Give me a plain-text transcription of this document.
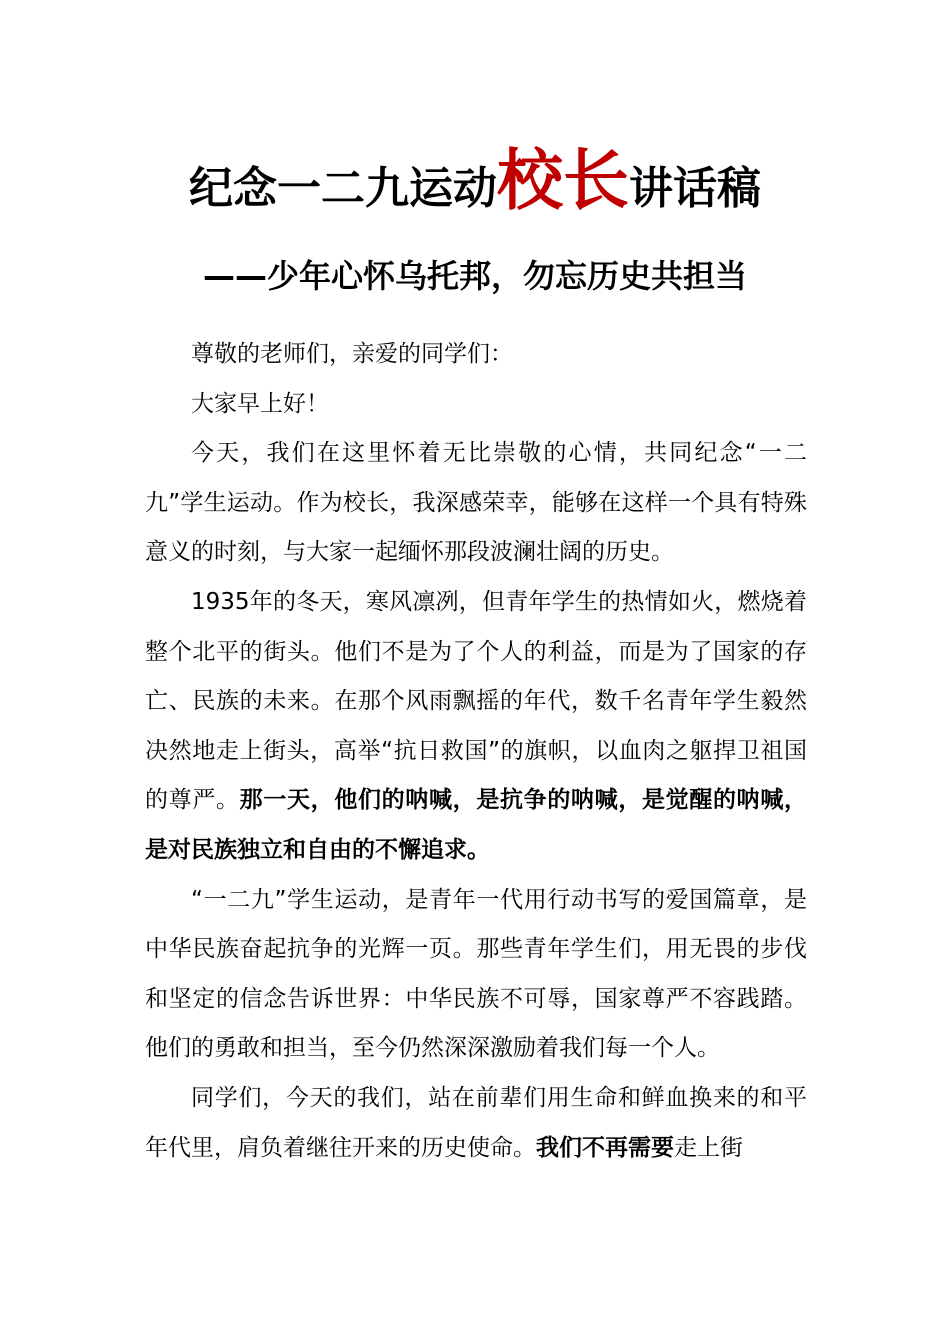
纪念一二九运动校长讲话稿
——少年心怀乌托邦，勿忘历史共担当

尊敬的老师们，亲爱的同学们：

大家早上好！

今天，我们在这里怀着无比崇敬的心情，共同纪念“一二九”学生运动。作为校长，我深感荣幸，能够在这样一个具有特殊意义的时刻，与大家一起缅怀那段波澜壮阔的历史。

1935年的冬天，寒风凛冽，但青年学生的热情如火，燃烧着整个北平的街头。他们不是为了个人的利益，而是为了国家的存亡、民族的未来。在那个风雨飘摇的年代，数千名青年学生毅然决然地走上街头，高举“抗日救国”的旗帜，以血肉之躯捍卫祖国的尊严。那一天，他们的呐喊，是抗争的呐喊，是觉醒的呐喊，是对民族独立和自由的不懈追求。

“一二九”学生运动，是青年一代用行动书写的爱国篇章，是中华民族奋起抗争的光辉一页。那些青年学生们，用无畏的步伐和坚定的信念告诉世界：中华民族不可辱，国家尊严不容践踏。他们的勇敢和担当，至今仍然深深激励着我们每一个人。

同学们，今天的我们，站在前辈们用生命和鲜血换来的和平年代里，肩负着继往开来的历史使命。我们不再需要走上街
